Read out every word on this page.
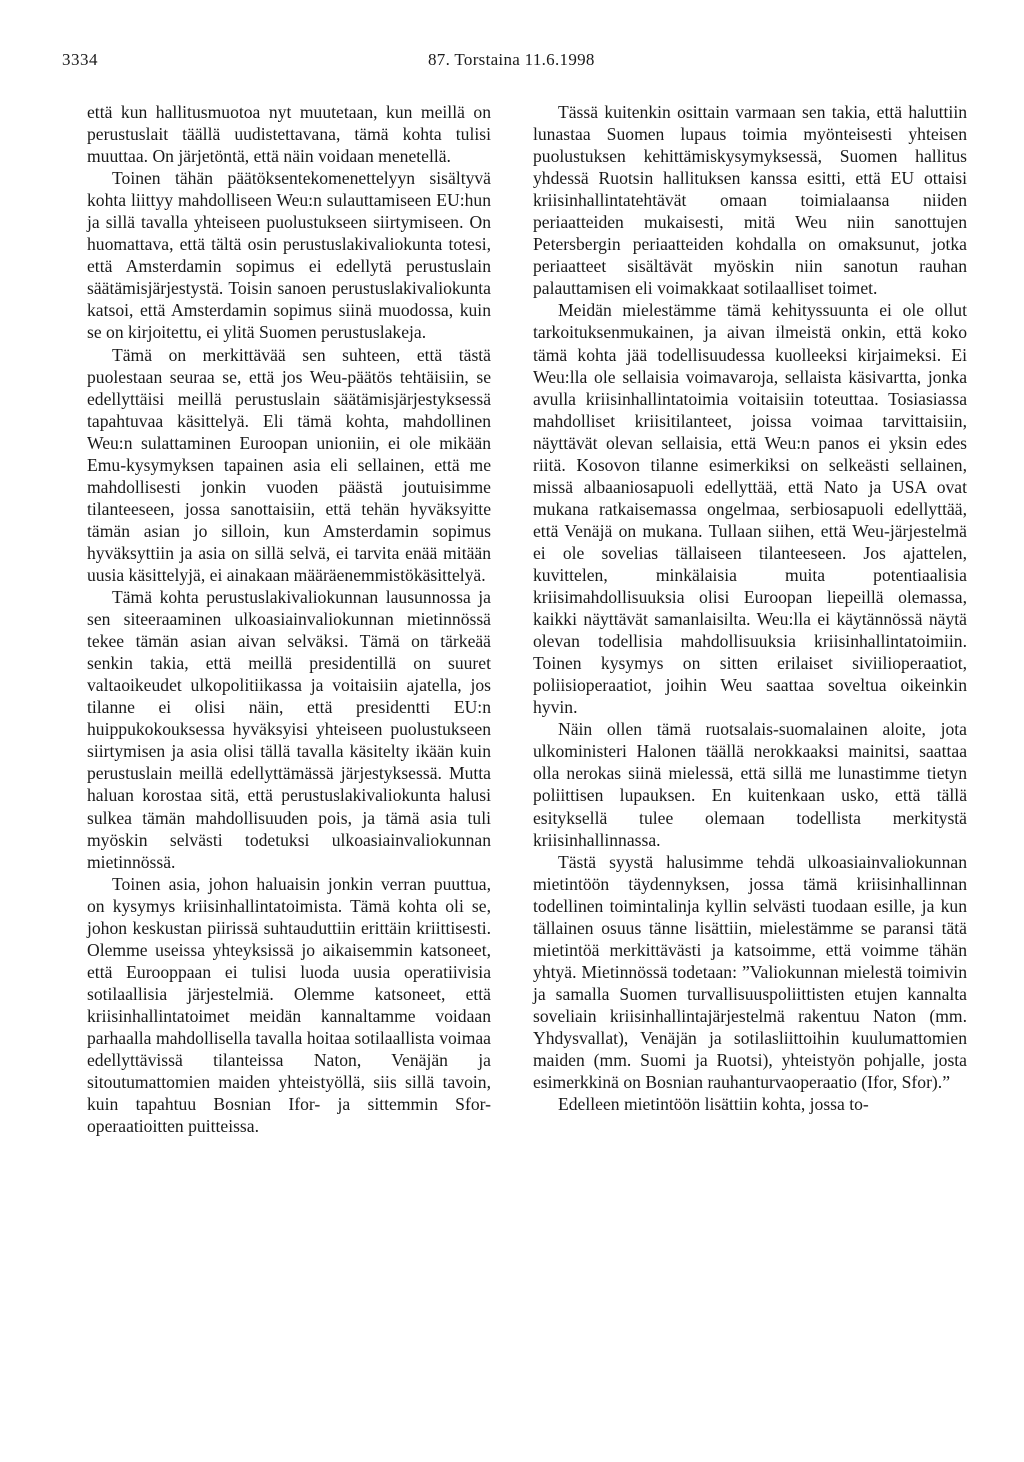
3334	87. Torstaina 11.6.1998

että kun hallitusmuotoa nyt muutetaan, kun meillä on perustuslait täällä uudistettavana, tämä kohta tulisi muuttaa. On järjetöntä, että näin voidaan menetellä.

Toinen tähän päätöksentekomenettelyyn sisältyvä kohta liittyy mahdolliseen Weu:n sulauttamiseen EU:hun ja sillä tavalla yhteiseen puolustukseen siirtymiseen. On huomattava, että tältä osin perustuslakivaliokunta totesi, että Amsterdamin sopimus ei edellytä perustuslain säätämisjärjestystä. Toisin sanoen perustuslakivaliokunta katsoi, että Amsterdamin sopimus siinä muodossa, kuin se on kirjoitettu, ei ylitä Suomen perustuslakeja.

Tämä on merkittävää sen suhteen, että tästä puolestaan seuraa se, että jos Weu-päätös tehtäisiin, se edellyttäisi meillä perustuslain säätämisjärjestyksessä tapahtuvaa käsittelyä. Eli tämä kohta, mahdollinen Weu:n sulattaminen Euroopan unioniin, ei ole mikään Emu-kysymyksen tapainen asia eli sellainen, että me mahdollisesti jonkin vuoden päästä joutuisimme tilanteeseen, jossa sanottaisiin, että tehän hyväksyitte tämän asian jo silloin, kun Amsterdamin sopimus hyväksyttiin ja asia on sillä selvä, ei tarvita enää mitään uusia käsittelyjä, ei ainakaan määräenemmistökäsittelyä.

Tämä kohta perustuslakivaliokunnan lausunnossa ja sen siteeraaminen ulkoasiainvaliokunnan mietinnössä tekee tämän asian aivan selväksi. Tämä on tärkeää senkin takia, että meillä presidentillä on suuret valtaoikeudet ulkopolitiikassa ja voitaisiin ajatella, jos tilanne ei olisi näin, että presidentti EU:n huippukokouksessa hyväksyisi yhteiseen puolustukseen siirtymisen ja asia olisi tällä tavalla käsitelty ikään kuin perustuslain meillä edellyttämässä järjestyksessä. Mutta haluan korostaa sitä, että perustuslakivaliokunta halusi sulkea tämän mahdollisuuden pois, ja tämä asia tuli myöskin selvästi todetuksi ulkoasiainvaliokunnan mietinnössä.

Toinen asia, johon haluaisin jonkin verran puuttua, on kysymys kriisinhallintatoimista. Tämä kohta oli se, johon keskustan piirissä suhtauduttiin erittäin kriittisesti. Olemme useissa yhteyksissä jo aikaisemmin katsoneet, että Eurooppaan ei tulisi luoda uusia operatiivisia sotilaallisia järjestelmiä. Olemme katsoneet, että kriisinhallintatoimet meidän kannaltamme voidaan parhaalla mahdollisella tavalla hoitaa sotilaallista voimaa edellyttävissä tilanteissa Naton, Venäjän ja sitoutumattomien maiden yhteistyöllä, siis sillä tavoin, kuin tapahtuu Bosnian Ifor- ja sittemmin Sfor-operaatioitten puitteissa.

Tässä kuitenkin osittain varmaan sen takia, että haluttiin lunastaa Suomen lupaus toimia myönteisesti yhteisen puolustuksen kehittämiskysymyksessä, Suomen hallitus yhdessä Ruotsin hallituksen kanssa esitti, että EU ottaisi kriisinhallintatehtävät omaan toimialaansa niiden periaatteiden mukaisesti, mitä Weu niin sanottujen Petersbergin periaatteiden kohdalla on omaksunut, jotka periaatteet sisältävät myöskin niin sanotun rauhan palauttamisen eli voimakkaat sotilaalliset toimet.

Meidän mielestämme tämä kehityssuunta ei ole ollut tarkoituksenmukainen, ja aivan ilmeistä onkin, että koko tämä kohta jää todellisuudessa kuolleeksi kirjaimeksi. Ei Weu:lla ole sellaisia voimavaroja, sellaista käsivartta, jonka avulla kriisinhallintatoimia voitaisiin toteuttaa. Tosiasiassa mahdolliset kriisitilanteet, joissa voimaa tarvittaisiin, näyttävät olevan sellaisia, että Weu:n panos ei yksin edes riitä. Kosovon tilanne esimerkiksi on selkeästi sellainen, missä albaaniosapuoli edellyttää, että Nato ja USA ovat mukana ratkaisemassa ongelmaa, serbiosapuoli edellyttää, että Venäjä on mukana. Tullaan siihen, että Weu-järjestelmä ei ole sovelias tällaiseen tilanteeseen. Jos ajattelen, kuvittelen, minkälaisia muita potentiaalisia kriisimahdollisuuksia olisi Euroopan liepeillä olemassa, kaikki näyttävät samanlaisilta. Weu:lla ei käytännössä näytä olevan todellisia mahdollisuuksia kriisinhallintatoimiin. Toinen kysymys on sitten erilaiset siviilioperaatiot, poliisioperaatiot, joihin Weu saattaa soveltua oikeinkin hyvin.

Näin ollen tämä ruotsalais-suomalainen aloite, jota ulkoministeri Halonen täällä nerokkaaksi mainitsi, saattaa olla nerokas siinä mielessä, että sillä me lunastimme tietyn poliittisen lupauksen. En kuitenkaan usko, että tällä esityksellä tulee olemaan todellista merkitystä kriisinhallinnassa.

Tästä syystä halusimme tehdä ulkoasiainvaliokunnan mietintöön täydennyksen, jossa tämä kriisinhallinnan todellinen toimintalinja kyllin selvästi tuodaan esille, ja kun tällainen osuus tänne lisättiin, mielestämme se paransi tätä mietintöä merkittävästi ja katsoimme, että voimme tähän yhtyä. Mietinnössä todetaan: ”Valiokunnan mielestä toimivin ja samalla Suomen turvallisuuspoliittisten etujen kannalta soveliain kriisinhallintajärjestelmä rakentuu Naton (mm. Yhdysvallat), Venäjän ja sotilasliittoihin kuulumattomien maiden (mm. Suomi ja Ruotsi), yhteistyön pohjalle, josta esimerkkinä on Bosnian rauhanturvaoperaatio (Ifor, Sfor).”

Edelleen mietintöön lisättiin kohta, jossa to-
